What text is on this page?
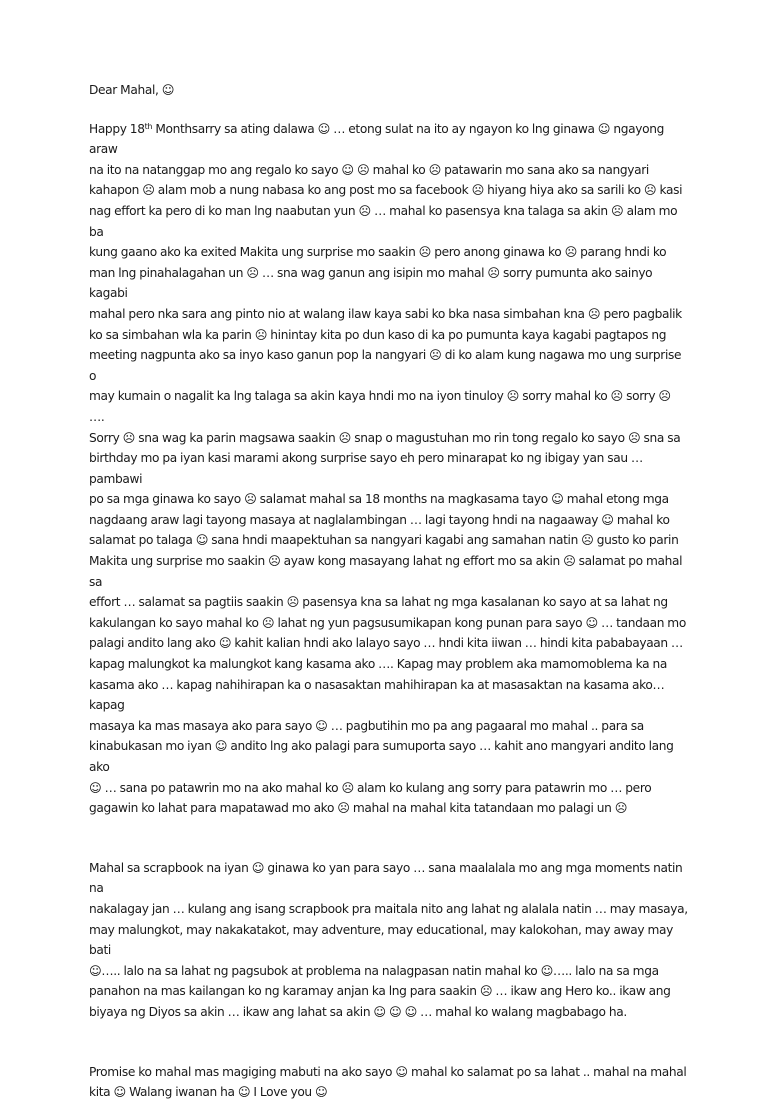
Dear Mahal, ☺

Happy 18th Monthsarry sa ating dalawa ☺ … etong sulat na ito ay ngayon ko lng ginawa ☺ ngayong araw
na ito na natanggap mo ang regalo ko sayo ☺ ☹ mahal ko ☹ patawarin mo sana ako sa nangyari
kahapon ☹ alam mob a nung nabasa ko ang post mo sa facebook ☹ hiyang hiya ako sa sarili ko ☹ kasi
nag effort ka pero di ko man lng naabutan yun ☹ … mahal ko pasensya kna talaga sa akin ☹ alam mo ba
kung gaano ako ka exited Makita ung surprise mo saakin ☹ pero anong ginawa ko ☹ parang hndi ko
man lng pinahalagahan un ☹ … sna wag ganun ang isipin mo mahal ☹ sorry pumunta ako sainyo kagabi
mahal pero nka sara ang pinto nio at walang ilaw kaya sabi ko bka nasa simbahan kna ☹ pero pagbalik
ko sa simbahan wla ka parin ☹ hinintay kita po dun kaso di ka po pumunta kaya kagabi pagtapos ng
meeting nagpunta ako sa inyo kaso ganun pop la nangyari ☹ di ko alam kung nagawa mo ung surprise o
may kumain o nagalit ka lng talaga sa akin kaya hndi mo na iyon tinuloy ☹ sorry mahal ko ☹ sorry ☹ ….
Sorry ☹ sna wag ka parin magsawa saakin ☹ snap o magustuhan mo rin tong regalo ko sayo ☹ sna sa
birthday mo pa iyan kasi marami akong surprise sayo eh pero minarapat ko ng ibigay yan sau … pambawi
po sa mga ginawa ko sayo ☹ salamat mahal sa 18 months na magkasama tayo ☺ mahal etong mga
nagdaang araw lagi tayong masaya at naglalambingan … lagi tayong hndi na nagaaway ☺ mahal ko
salamat po talaga ☺ sana hndi maapektuhan sa nangyari kagabi ang samahan natin ☹ gusto ko parin
Makita ung surprise mo saakin ☹ ayaw kong masayang lahat ng effort mo sa akin ☹ salamat po mahal sa
effort … salamat sa pagtiis saakin ☹ pasensya kna sa lahat ng mga kasalanan ko sayo at sa lahat ng
kakulangan ko sayo mahal ko ☹ lahat ng yun pagsusumikapan kong punan para sayo ☺ … tandaan mo
palagi andito lang ako ☺ kahit kalian hndi ako lalayo sayo … hndi kita iiwan … hindi kita pababayaan …
kapag malungkot ka malungkot kang kasama ako …. Kapag may problem aka mamomoblema ka na
kasama ako … kapag nahihirapan ka o nasasaktan mahihirapan ka at masasaktan na kasama ako… kapag
masaya ka mas masaya ako para sayo ☺ … pagbutihin mo pa ang pagaaral mo mahal .. para sa
kinabukasan mo iyan ☺ andito lng ako palagi para sumuporta sayo … kahit ano mangyari andito lang ako
☺ … sana po patawrin mo na ako mahal ko ☹ alam ko kulang ang sorry para patawrin mo … pero
gagawin ko lahat para mapatawad mo ako ☹ mahal na mahal kita tatandaan mo palagi un ☹

Mahal sa scrapbook na iyan ☺ ginawa ko yan para sayo … sana maalalala mo ang mga moments natin na
nakalagay jan … kulang ang isang scrapbook pra maitala nito ang lahat ng alalala natin … may masaya,
may malungkot, may nakakatakot, may adventure, may educational, may kalokohan, may away may bati
☺….. lalo na sa lahat ng pagsubok at problema na nalagpasan natin mahal ko ☺….. lalo na sa mga
panahon na mas kailangan ko ng karamay anjan ka lng para saakin ☹ … ikaw ang Hero ko.. ikaw ang
biyaya ng Diyos sa akin … ikaw ang lahat sa akin ☺ ☺ ☺ … mahal ko walang magbabago ha.

Promise ko mahal mas magiging mabuti na ako sayo ☺ mahal ko salamat po sa lahat .. mahal na mahal
kita ☺ Walang iwanan ha ☺ I Love you ☺
